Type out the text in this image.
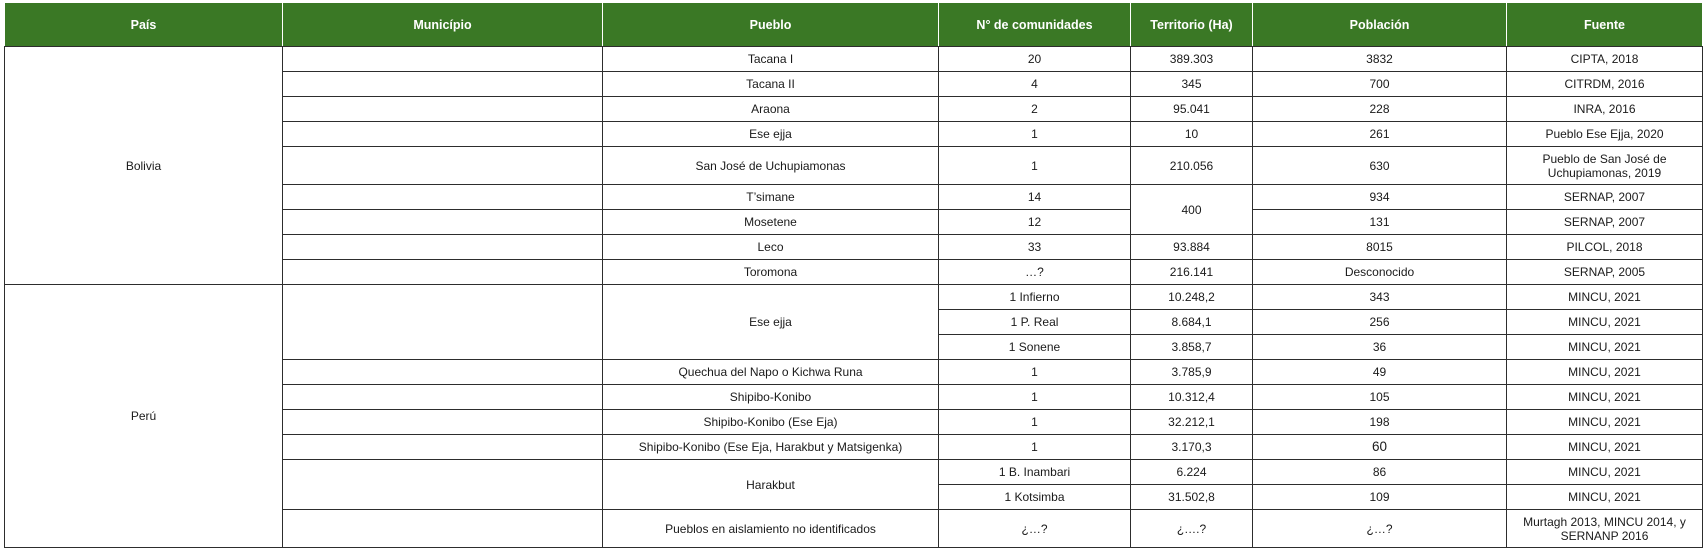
País	Município	Pueblo	N° de comunidades	Territorio (Ha)	Población	Fuente
Bolivia		Tacana I	20	389.303	3832	CIPTA, 2018
		Tacana II	4	345	700	CITRDM, 2016
		Araona	2	95.041	228	INRA, 2016
		Ese ejja	1	10	261	Pueblo Ese Ejja, 2020
		San José de Uchupiamonas	1	210.056	630	Pueblo de San José de Uchupiamonas, 2019
		T’simane	14	400	934	SERNAP, 2007
		Mosetene	12		131	SERNAP, 2007
		Leco	33	93.884	8015	PILCOL, 2018
		Toromona	…?	216.141	Desconocido	SERNAP, 2005
Perú		Ese ejja	1 Infierno	10.248,2	343	MINCU, 2021
			1 P. Real	8.684,1	256	MINCU, 2021
			1 Sonene	3.858,7	36	MINCU, 2021
		Quechua del Napo o Kichwa Runa	1	3.785,9	49	MINCU, 2021
		Shipibo-Konibo	1	10.312,4	105	MINCU, 2021
		Shipibo-Konibo (Ese Eja)	1	32.212,1	198	MINCU, 2021
		Shipibo-Konibo (Ese Eja, Harakbut y Matsigenka)	1	3.170,3	60	MINCU, 2021
		Harakbut	1 B. Inambari	6.224	86	MINCU, 2021
			1 Kotsimba	31.502,8	109	MINCU, 2021
		Pueblos en aislamiento no identificados	¿…?	¿….?	¿…?	Murtagh 2013, MINCU 2014, y SERNANP 2016
